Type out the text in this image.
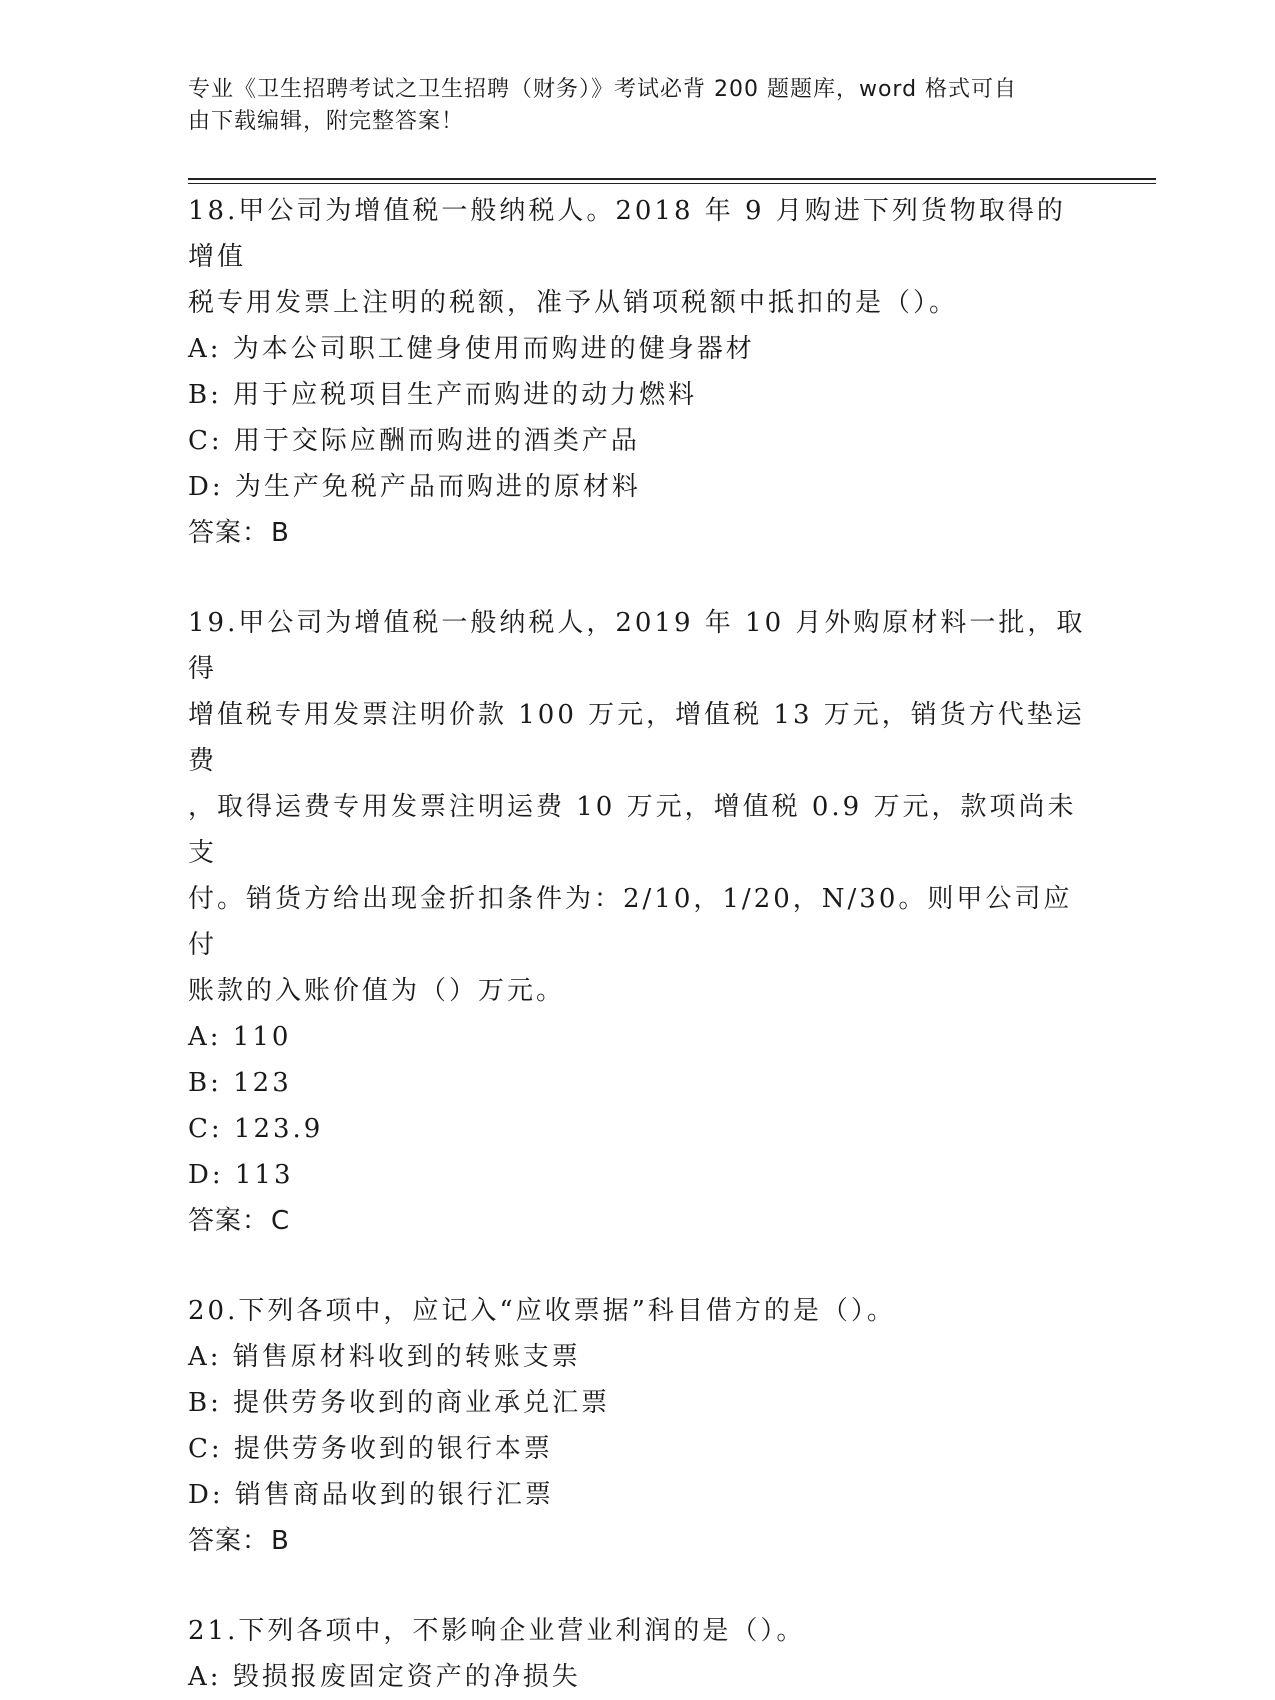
专业《卫生招聘考试之卫生招聘（财务）》考试必背 200 题题库，word 格式可自
由下载编辑，附完整答案！
18.甲公司为增值税一般纳税人。2018 年 9 月购进下列货物取得的增值
税专用发票上注明的税额，准予从销项税额中抵扣的是（）。
A: 为本公司职工健身使用而购进的健身器材
B: 用于应税项目生产而购进的动力燃料
C: 用于交际应酬而购进的酒类产品
D: 为生产免税产品而购进的原材料
答案：B
19.甲公司为增值税一般纳税人，2019 年 10 月外购原材料一批，取得
增值税专用发票注明价款 100 万元，增值税 13 万元，销货方代垫运费
，取得运费专用发票注明运费 10 万元，增值税 0.9 万元，款项尚未支
付。销货方给出现金折扣条件为：2/10，1/20，N/30。则甲公司应付
账款的入账价值为（）万元。
A: 110
B: 123
C: 123.9
D: 113
答案：C
20.下列各项中，应记入“应收票据”科目借方的是（）。
A: 销售原材料收到的转账支票
B: 提供劳务收到的商业承兑汇票
C: 提供劳务收到的银行本票
D: 销售商品收到的银行汇票
答案：B
21.下列各项中，不影响企业营业利润的是（）。
A: 毁损报废固定资产的净损失
